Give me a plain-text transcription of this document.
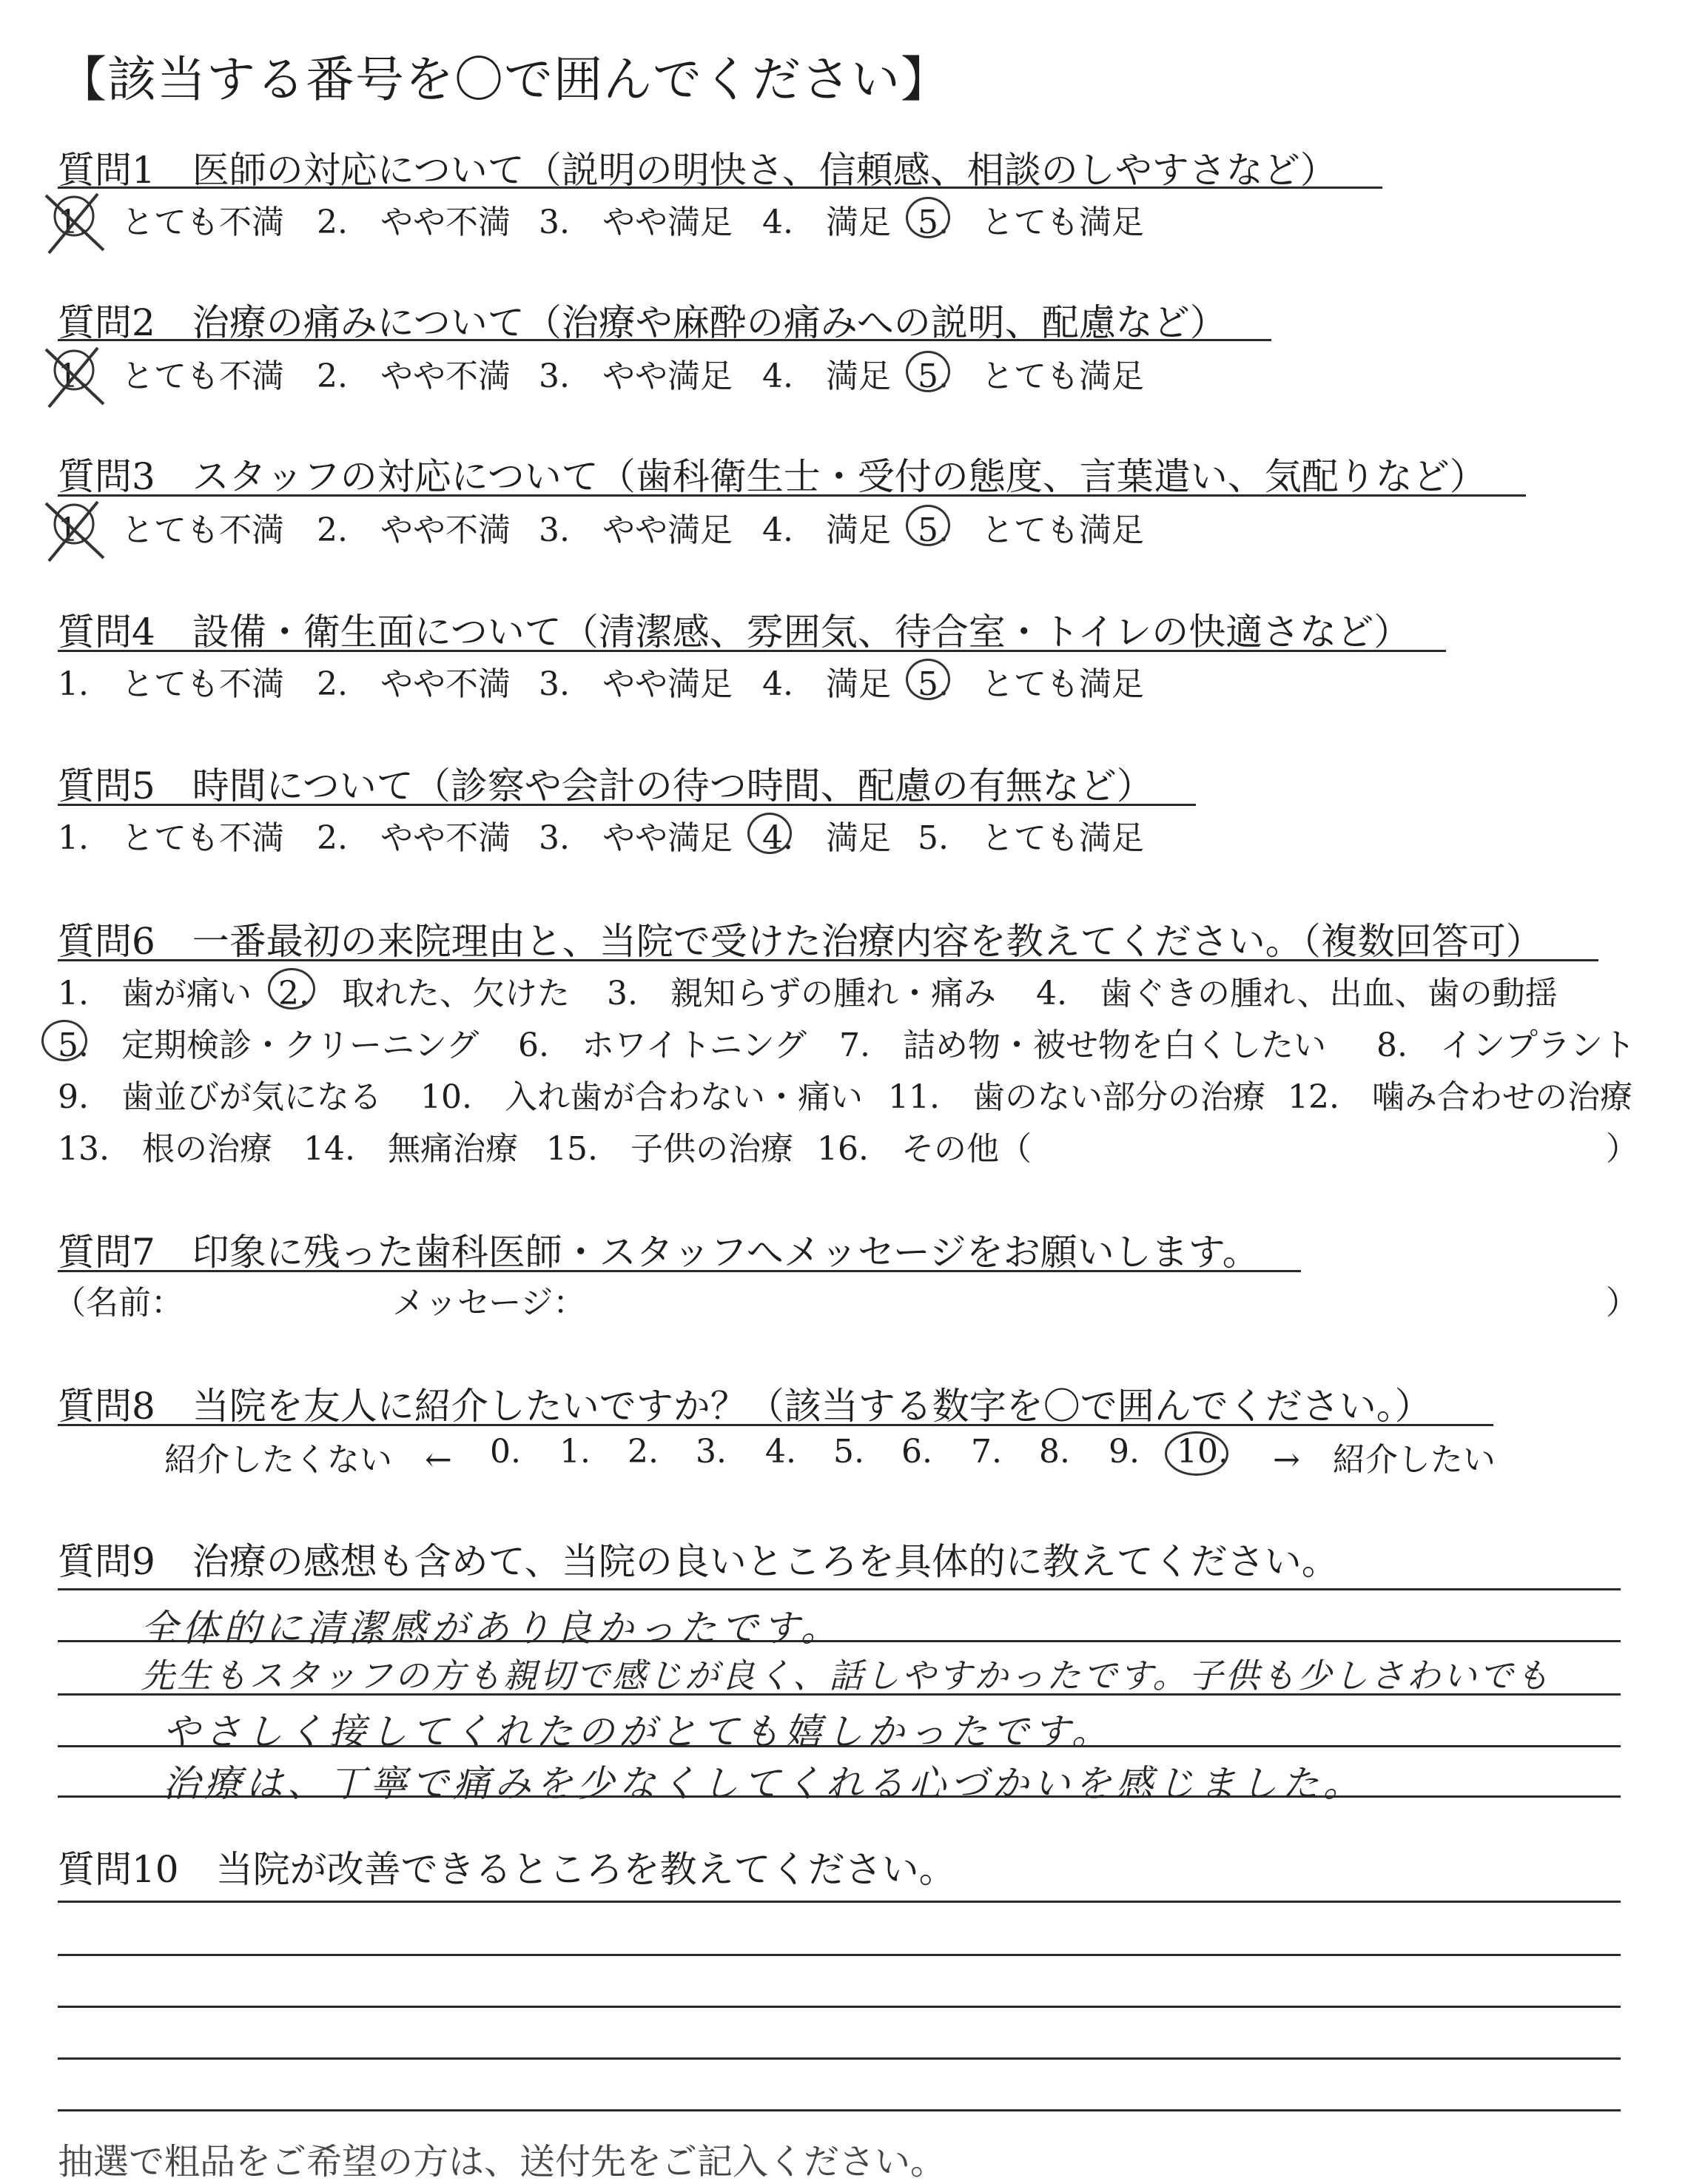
【該当する番号を〇で囲んでください】
質問1　医師の対応について（説明の明快さ、信頼感、相談のしやすさなど）
1.　とても不満 2.　やや不満 3.　やや満足 4.　満足 5.　とても満足
質問2　治療の痛みについて（治療や麻酔の痛みへの説明、配慮など）
1.　とても不満 2.　やや不満 3.　やや満足 4.　満足 5.　とても満足
質問3　スタッフの対応について（歯科衛生士・受付の態度、言葉遣い、気配りなど）
1.　とても不満 2.　やや不満 3.　やや満足 4.　満足 5.　とても満足
質問4　設備・衛生面について（清潔感、雰囲気、待合室・トイレの快適さなど）
1.　とても不満 2.　やや不満 3.　やや満足 4.　満足 5.　とても満足
質問5　時間について（診察や会計の待つ時間、配慮の有無など）
1.　とても不満 2.　やや不満 3.　やや満足 4.　満足 5.　とても満足
質問6　一番最初の来院理由と、当院で受けた治療内容を教えてください。（複数回答可）
1.　歯が痛い 2.　取れた、欠けた 3.　親知らずの腫れ・痛み 4.　歯ぐきの腫れ、出血、歯の動揺
5.　定期検診・クリーニング 6.　ホワイトニング 7.　詰め物・被せ物を白くしたい 8.　インプラント
9.　歯並びが気になる 10.　入れ歯が合わない・痛い 11.　歯のない部分の治療 12.　噛み合わせの治療
13.　根の治療 14.　無痛治療 15.　子供の治療 16.　その他（	）
質問7　印象に残った歯科医師・スタッフへメッセージをお願いします。
（名前：	メッセージ：	）
質問8　当院を友人に紹介したいですか？（該当する数字を〇で囲んでください。）
紹介したくない　← 0. 1. 2. 3. 4. 5. 6. 7. 8. 9. 10. →　紹介したい
質問9　治療の感想も含めて、当院の良いところを具体的に教えてください。
全体的に清潔感があり良かったです。
先生もスタッフの方も親切で感じが良く、話しやすかったです。子供も少しさわいでも
やさしく接してくれたのがとても嬉しかったです。
治療は、丁寧で痛みを少なくしてくれる心づかいを感じました。
質問10　当院が改善できるところを教えてください。
抽選で粗品をご希望の方は、送付先をご記入ください。
